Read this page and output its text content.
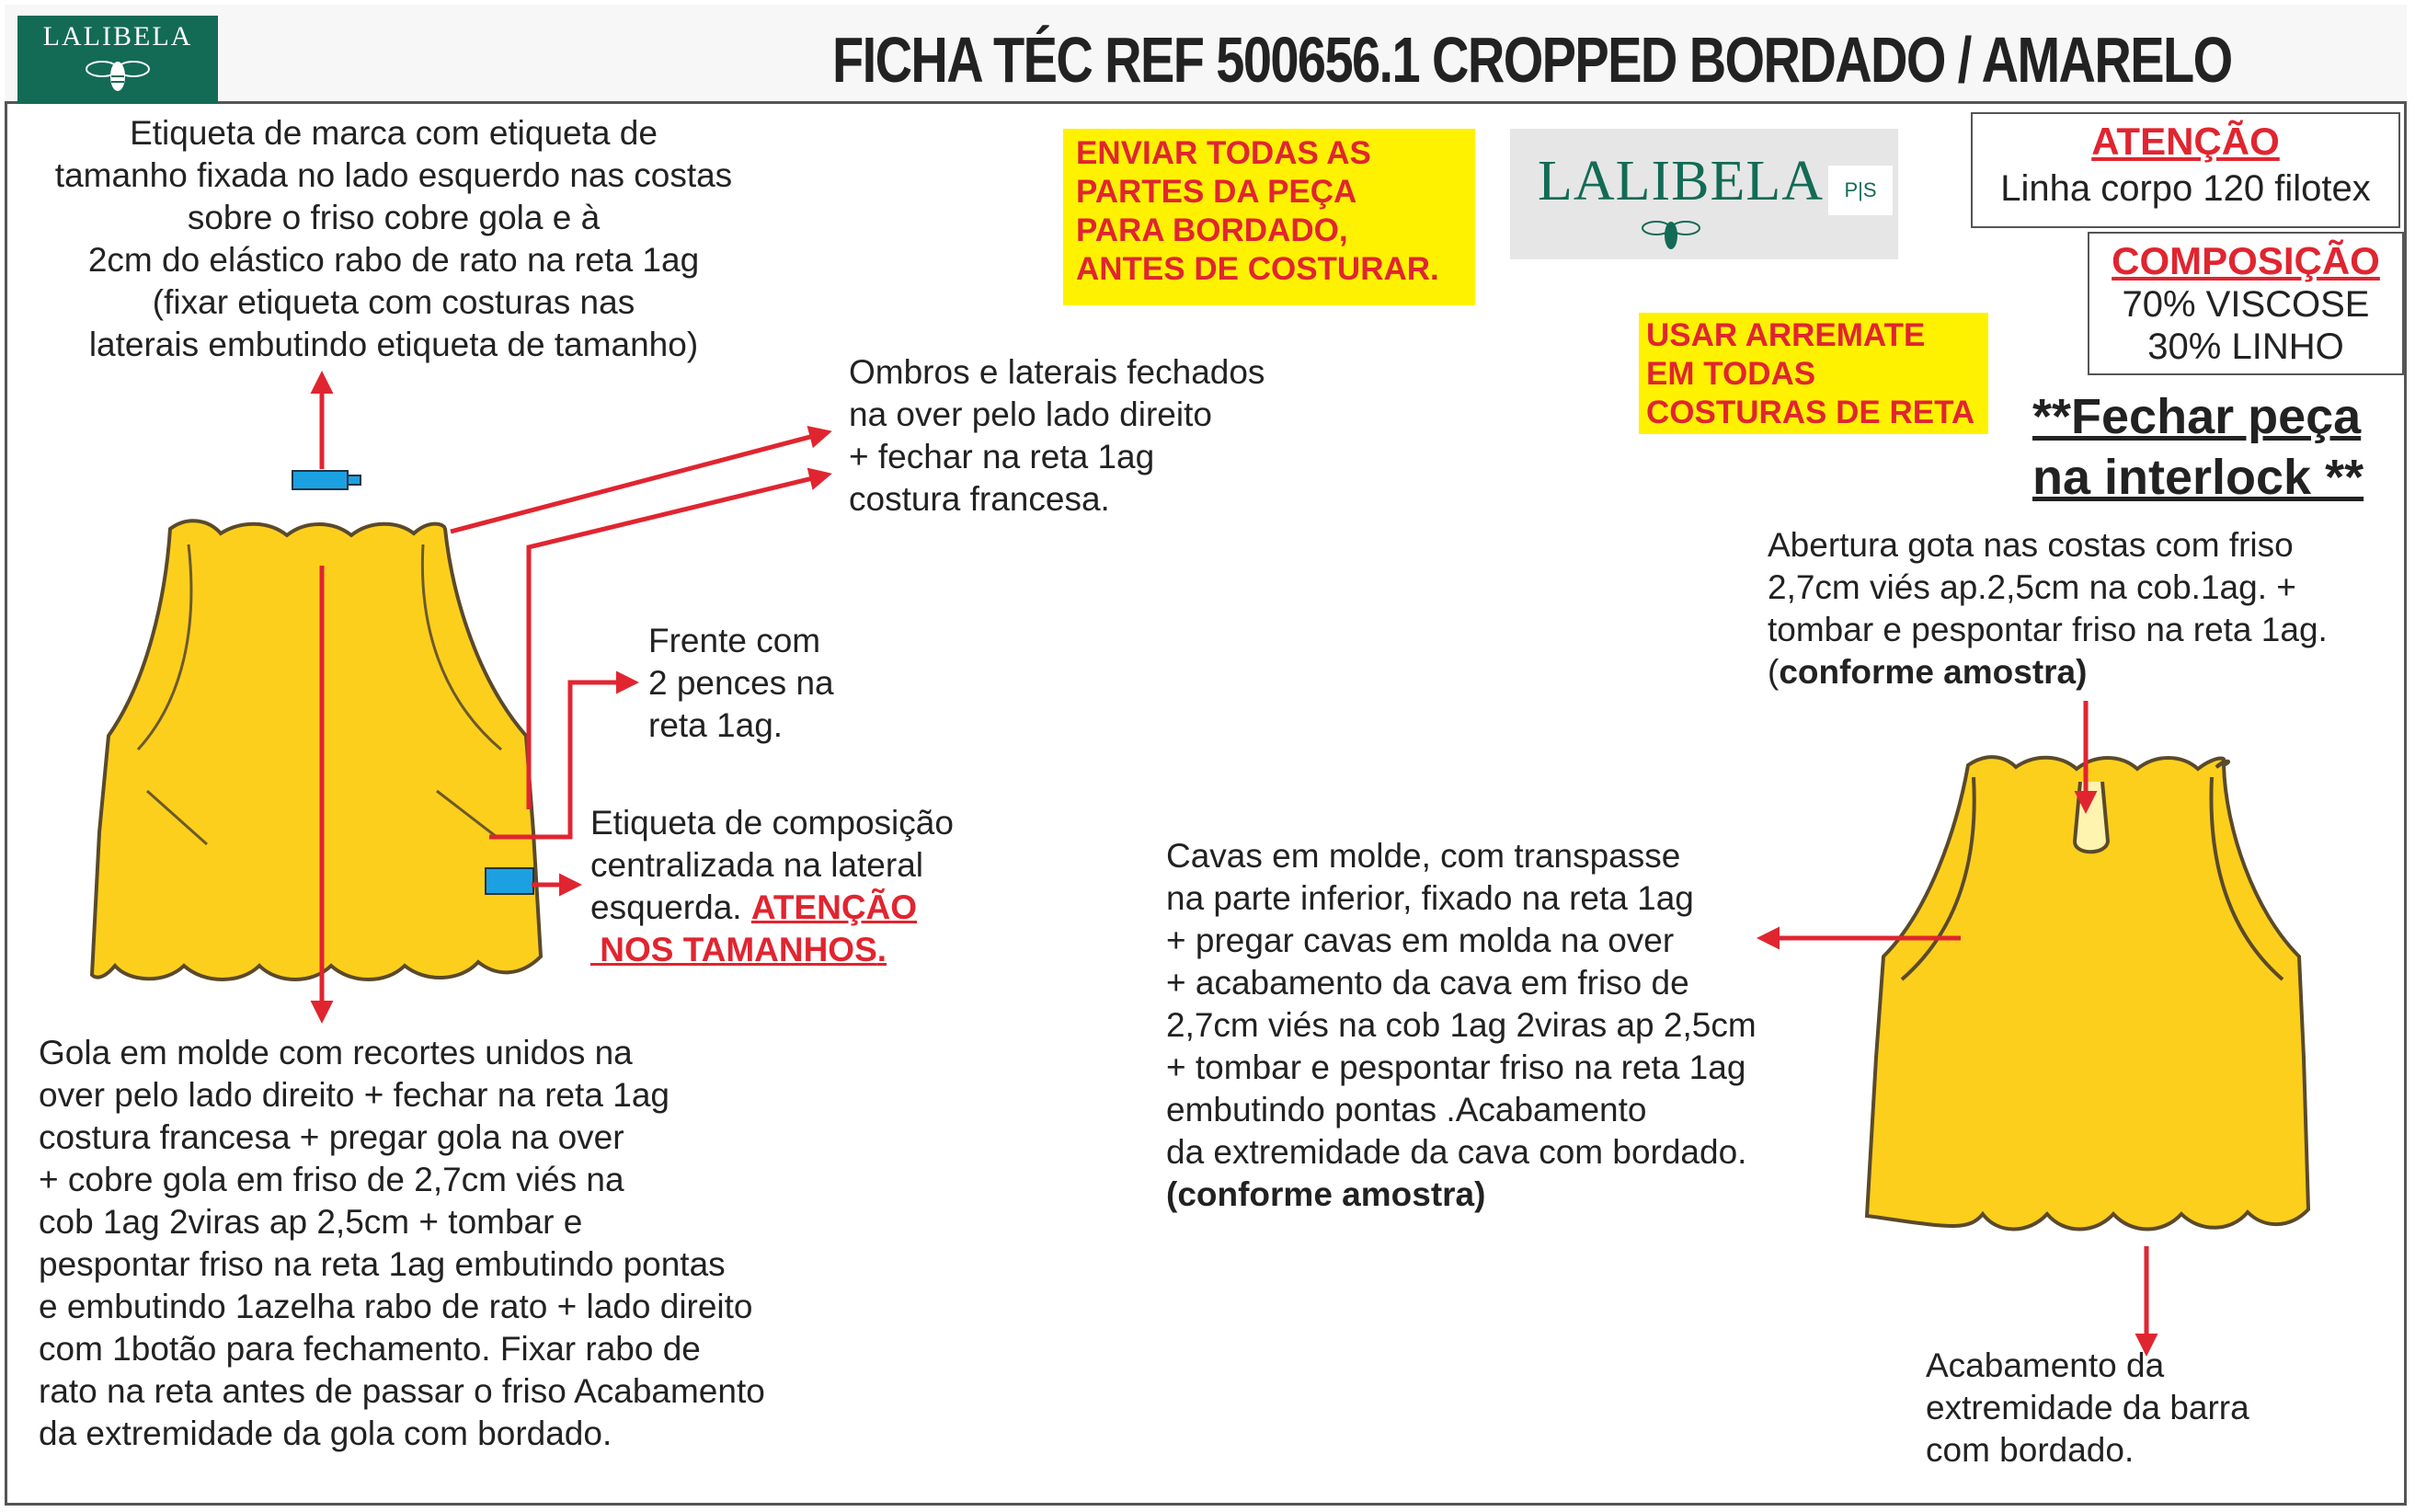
LALIBELA	FICHA TÉC REF 500656.1 CROPPED BORDADO / AMARELO
Etiqueta de marca com etiqueta de
tamanho fixada no lado esquerdo nas costas
sobre o friso cobre gola e à
2cm do elástico rabo de rato na reta 1ag
(fixar etiqueta com costuras nas
laterais embutindo etiqueta de tamanho)
Ombros e laterais fechados
na over pelo lado direito
+ fechar na reta 1ag
costura francesa.
Frente com
2 pences na
reta 1ag.
Etiqueta de composição
centralizada na lateral
esquerda. ATENÇÃO
NOS TAMANHOS.
Gola em molde com recortes unidos na
over pelo lado direito + fechar na reta 1ag
costura francesa + pregar gola na over
+ cobre gola em friso de 2,7cm viés na
cob 1ag 2viras ap 2,5cm + tombar e
pespontar friso na reta 1ag embutindo pontas
e embutindo 1azelha rabo de rato + lado direito
com 1botão para fechamento. Fixar rabo de
rato na reta antes de passar o friso Acabamento
da extremidade da gola com bordado.
ENVIAR TODAS AS
PARTES DA PEÇA
PARA BORDADO,
ANTES DE COSTURAR.
LALIBELA	P|S
USAR ARREMATE
EM TODAS
COSTURAS DE RETA
ATENÇÃO
Linha corpo 120 filotex
COMPOSIÇÃO
70% VISCOSE
30% LINHO
**Fechar peça
na interlock **
Abertura gota nas costas com friso
2,7cm viés ap.2,5cm na cob.1ag. +
tombar e pespontar friso na reta 1ag.
(conforme amostra)
Cavas em molde, com transpasse
na parte inferior, fixado na reta 1ag
+ pregar cavas em molda na over
+ acabamento da cava em friso de
2,7cm viés na cob 1ag 2viras ap 2,5cm
+ tombar e pespontar friso na reta 1ag
embutindo pontas .Acabamento
da extremidade da cava com bordado.
(conforme amostra)
Acabamento da
extremidade da barra
com bordado.
